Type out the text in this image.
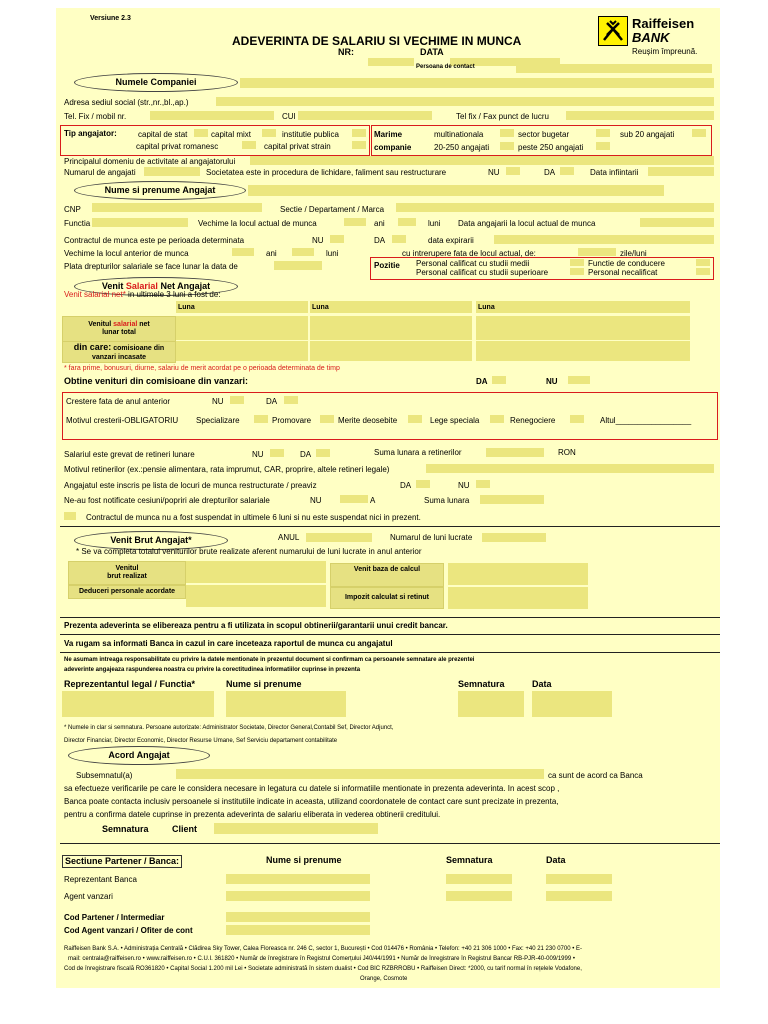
Versiune 2.3
ADEVERINTA DE SALARIU SI VECHIME IN MUNCA
NR:	DATA
Persoana de contact
Raiffeisen
BANK
Reușim împreună.
Numele Companiei
Adresa sediul social (str.,nr.,bl.,ap.)
Tel. Fix / mobil nr.	CUI	Tel fix / Fax punct de lucru
Tip angajator:	capital de stat	capital mixt	institutie publica
capital privat romanesc	capital privat strain
Marime
companie
multinationala	sector bugetar	sub 20 angajati
20-250 angajati	peste 250 angajati
Principalul domeniu de activitate al angajatorului
Numarul de angajati	Societatea este in procedura de lichidare, faliment sau restructurare	NU	DA	Data infiintarii
Nume si prenume Angajat
CNP	Sectie / Departament / Marca
Functia	Vechime la locul actual de munca	ani	luni Data angajarii la locul actual de munca
Contractul de munca este pe perioada determinata	NU	DA	data expirarii
Vechime la locul anterior de munca	ani	luni	cu intrerupere fata de locul actual, de:	zile/luni
Plata drepturilor salariale se face lunar la data de	Pozitie Personal calificat cu studii medii	Functie de conducere
Personal calificat cu studii superioare	Personal necalificat
Venit Salarial Net Angajat
Venit salarial net* in ultimele 3 luni a fost de:
Luna	Luna	Luna
Venitul salarial net
lunar total
din care: comisioane din
vanzari incasate
* fara prime, bonusuri, diurne, salariu de merit acordat pe o perioada determinata de timp
Obtine venituri din comisioane din vanzari:	DA	NU
Crestere fata de anul anterior	NU	DA
Motivul cresterii-OBLIGATORIU Specializare	Promovare	Merite deosebite	Lege speciala	Renegociere	Altul_________________
Salariul este grevat de retineri lunare	NU	DA	Suma lunara a retinerilor	RON
Motivul retinerilor (ex.:pensie alimentara, rata imprumut, CAR, proprire, altele retineri legale)
Angajatul este inscris pe lista de locuri de munca restructurate / preaviz	DA	NU
Ne-au fost notificate cesiuni/popriri ale drepturilor salariale	NU	A	Suma lunara
Contractul de munca nu a fost suspendat in ultimele 6 luni si nu este suspendat nici in prezent.
Venit Brut Angajat*	ANUL	Numarul de luni lucrate
* Se va completa totalul veniturilor brute realizate aferent numarului de luni lucrate in anul anterior
Venitul
brut realizat
Deduceri personale acordate
Venit baza de calcul
Impozit calculat si retinut
Prezenta adeverinta se elibereaza pentru a fi utilizata in scopul obtinerii/garantarii unui credit bancar.
Va rugam sa informati Banca in cazul in care inceteaza raportul de munca cu angajatul
Ne asumam intreaga responsabilitate cu privire la datele mentionate in prezentul document si confirmam ca persoanele semnatare ale prezentei
adeverinte angajeaza raspunderea noastra cu privire la corectitudinea informatiilor cuprinse in prezenta
Reprezentantul legal / Functia*	Nume si prenume	Semnatura	Data
* Numele in clar si semnatura. Persoane autorizate: Administrator Societate, Director General,Contabil Sef, Director Adjunct,
Director Financiar, Director Economic, Director Resurse Umane, Sef Serviciu departament contabilitate
Acord Angajat
Subsemnatul(a)	ca sunt de acord ca Banca
sa efectueze verificarile pe care le considera necesare in legatura cu datele si informatiile mentionate in prezenta adeverinta. In acest scop ,
Banca poate contacta inclusiv persoanele si institutiile indicate in aceasta, utilizand coordonatele de contact care sunt precizate in prezenta,
pentru a confirma datele cuprinse in prezenta adeverinta de salariu eliberata in vederea obtinerii creditului.
Semnatura	Client
Sectiune Partener / Banca:	Nume si prenume	Semnatura	Data
Reprezentant Banca
Agent vanzari
Cod Partener / Intermediar
Cod Agent vanzari / Ofiter de cont
Raiffeisen Bank S.A. • Administrația Centrală • Clădirea Sky Tower, Calea Floreasca nr. 246 C, sector 1, București • Cod 014476 • România • Telefon: +40 21 306 1000 • Fax: +40 21 230 0700 • E-
mail: centrala@raiffeisen.ro • www.raiffeisen.ro • C.U.I. 361820 • Număr de înregistrare în Registrul Comerțului J40/44/1991 • Număr de înregistrare în Registrul Bancar RB-PJR-40-009/1999 •
Cod de înregistrare fiscală RO361820 • Capital Social 1.200 mil Lei • Societate administrată în sistem dualist • Cod BIC RZBRROBU • Raiffeisen Direct: *2000, cu tarif normal în rețelele Vodafone,
Orange, Cosmote
